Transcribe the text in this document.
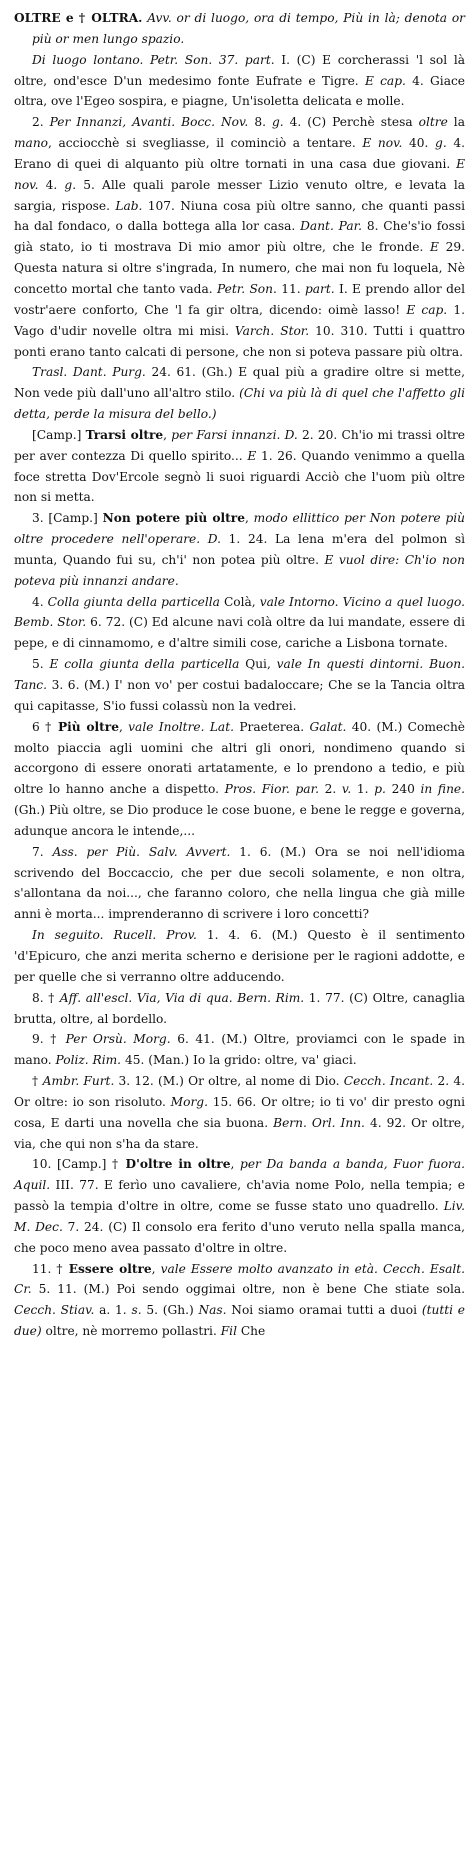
OLTRE e † OLTRA. Avv. or di luogo, ora di tempo, Più in là; denota or più or men lungo spazio.

Di luogo lontano. Petr. Son. 37. part. I. (C) E corcherassi 'l sol là oltre, ond'esce D'un medesimo fonte Eufrate e Tigre. E cap. 4. Giace oltra, ove l'Egeo sospira, e piagne, Un'isoletta delicata e molle.

2. Per Innanzi, Avanti. Bocc. Nov. 8. g. 4. (C) Perchè stesa oltre la mano, acciocchè si svegliasse, il cominciò a tentare. E nov. 40. g. 4. Erano di quei di alquanto più oltre tornati in una casa due giovani. E nov. 4. g. 5. Alle quali parole messer Lizio venuto oltre, e levata la sargia, rispose. Lab. 107. Niuna cosa più oltre sanno, che quanti passi ha dal fondaco, o dalla bottega alla lor casa. Dant. Par. 8. Che's'io fossi già stato, io ti mostrava Di mio amor più oltre, che le fronde. E 29. Questa natura si oltre s'ingrada, In numero, che mai non fu loquela, Nè concetto mortal che tanto vada. Petr. Son. 11. part. I. E prendo allor del vostr'aere conforto, Che 'l fa gir oltra, dicendo: oimè lasso! E cap. 1. Vago d'udir novelle oltra mi misi. Varch. Stor. 10. 310. Tutti i quattro ponti erano tanto calcati di persone, che non si poteva passare più oltra.

Trasl. Dant. Purg. 24. 61. (Gh.) E qual più a gradire oltre si mette, Non vede più dall'uno all'altro stilo. (Chi va più là di quel che l'affetto gli detta, perde la misura del bello.)

[Camp.] Trarsi oltre, per Farsi innanzi. D. 2. 20. Ch'io mi trassi oltre per aver contezza Di quello spirito... E 1. 26. Quando venimmo a quella foce stretta Dov'Ercole segnò li suoi riguardi Acciò che l'uom più oltre non si metta.

3. [Camp.] Non potere più oltre, modo ellittico per Non potere più oltre procedere nell'operare. D. 1. 24. La lena m'era del polmon sì munta, Quando fui su, ch'i' non potea più oltre. E vuol dire: Ch'io non poteva più innanzi andare.

4. Colla giunta della particella Colà, vale Intorno. Vicino a quel luogo. Bemb. Stor. 6. 72. (C) Ed alcune navi colà oltre da lui mandate, essere di pepe, e di cinnamomo, e d'altre simili cose, cariche a Lisbona tornate.

5. E colla giunta della particella Qui, vale In questi dintorni. Buon. Tanc. 3. 6. (M.) I' non vo' per costui badaloccare; Che se la Tancia oltra qui capitasse, S'io fussi colassù non la vedrei.

6 † Più oltre, vale Inoltre. Lat. Praeterea. Galat. 40. (M.) Comechè molto piaccia agli uomini che altri gli onori, nondimeno quando si accorgono di essere onorati artatamente, e lo prendono a tedio, e più oltre lo hanno anche a dispetto. Pros. Fior. par. 2. v. 1. p. 240 in fine. (Gh.) Più oltre, se Dio produce le cose buone, e bene le regge e governa, adunque ancora le intende,...

7. Ass. per Più. Salv. Avvert. 1. 6. (M.) Ora se noi nell'idioma scrivendo del Boccaccio, che per due secoli solamente, e non oltra, s'allontana da noi..., che faranno coloro, che nella lingua che già mille anni è morta... imprenderanno di scrivere i loro concetti?

In seguito. Rucell. Prov. 1. 4. 6. (M.) Questo è il sentimento 'd'Epicuro, che anzi merita scherno e derisione per le ragioni addotte, e per quelle che si verranno oltre adducendo.

8. † Aff. all'escl. Via, Via di qua. Bern. Rim. 1. 77. (C) Oltre, canaglia brutta, oltre, al bordello.

9. † Per Orsù. Morg. 6. 41. (M.) Oltre, proviamci con le spade in mano. Poliz. Rim. 45. (Man.) Io la grido: oltre, va' giaci.

† Ambr. Furt. 3. 12. (M.) Or oltre, al nome di Dio. Cecch. Incant. 2. 4. Or oltre: io son risoluto. Morg. 15. 66. Or oltre; io ti vo' dir presto ogni cosa, E darti una novella che sia buona. Bern. Orl. Inn. 4. 92. Or oltre, via, che qui non s'ha da stare.

10. [Camp.] † D'oltre in oltre, per Da banda a banda, Fuor fuora. Aquil. III. 77. E ferìo uno cavaliere, ch'avia nome Polo, nella tempia; e passò la tempia d'oltre in oltre, come se fusse stato uno quadrello. Liv. M. Dec. 7. 24. (C) Il consolo era ferito d'uno veruto nella spalla manca, che poco meno avea passato d'oltre in oltre.

11. † Essere oltre, vale Essere molto avanzato in età. Cecch. Esalt. Cr. 5. 11. (M.) Poi sendo oggimai oltre, non è bene Che stiate sola. Cecch. Stiav. a. 1. s. 5. (Gh.) Nas. Noi siamo oramai tutti a duoi (tutti e due) oltre, nè morremo pollastri. Fil Che
